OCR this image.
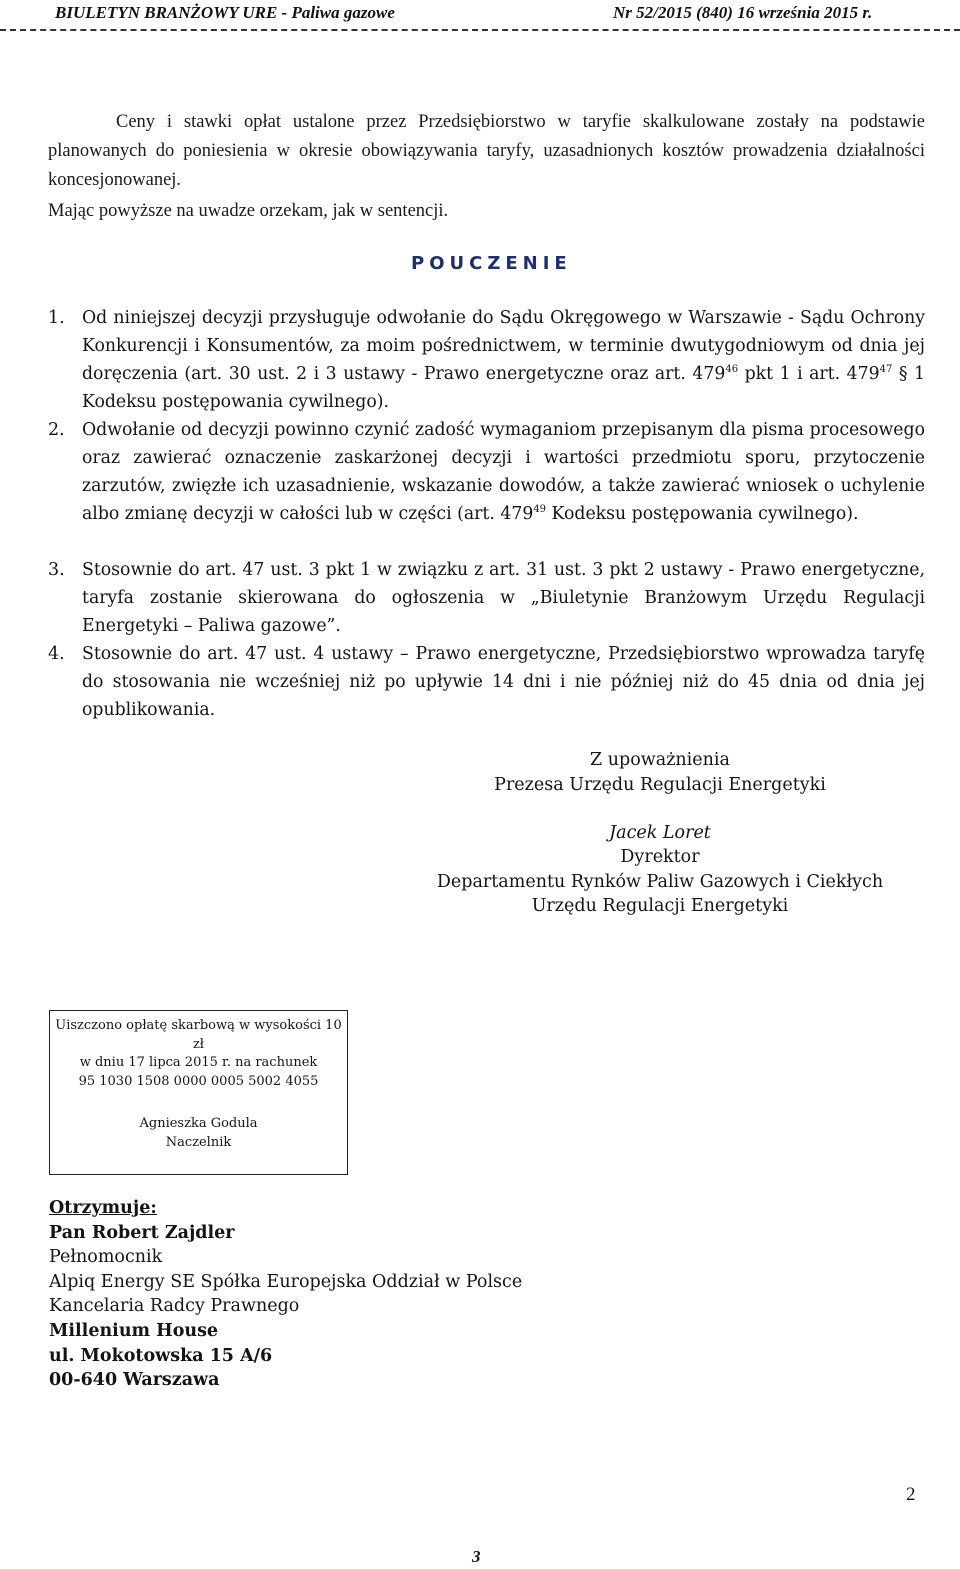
BIULETYN BRANŻOWY URE - Paliwa gazowe	Nr 52/2015 (840) 16 września 2015 r.
Ceny i stawki opłat ustalone przez Przedsiębiorstwo w taryfie skalkulowane zostały na podstawie planowanych do poniesienia w okresie obowiązywania taryfy, uzasadnionych kosztów prowadzenia działalności koncesjonowanej.
Mając powyższe na uwadze orzekam, jak w sentencji.
POUCZENIE
1. Od niniejszej decyzji przysługuje odwołanie do Sądu Okręgowego w Warszawie - Sądu Ochrony Konkurencji i Konsumentów, za moim pośrednictwem, w terminie dwutygodniowym od dnia jej doręczenia (art. 30 ust. 2 i 3 ustawy - Prawo energetyczne oraz art. $479^{46}$ pkt 1 i art. $479^{47}$ § 1 Kodeksu postępowania cywilnego).
2. Odwołanie od decyzji powinno czynić zadość wymaganiom przepisanym dla pisma procesowego oraz zawierać oznaczenie zaskarżonej decyzji i wartości przedmiotu sporu, przytoczenie zarzutów, zwięzłe ich uzasadnienie, wskazanie dowodów, a także zawierać wniosek o uchylenie albo zmianę decyzji w całości lub w części (art. $479^{49}$ Kodeksu postępowania cywilnego).
3. Stosownie do art. 47 ust. 3 pkt 1 w związku z art. 31 ust. 3 pkt 2 ustawy - Prawo energetyczne, taryfa zostanie skierowana do ogłoszenia w „Biuletynie Branżowym Urzędu Regulacji Energetyki – Paliwa gazowe”.
4. Stosownie do art. 47 ust. 4 ustawy – Prawo energetyczne, Przedsiębiorstwo wprowadza taryfę do stosowania nie wcześniej niż po upływie 14 dni i nie później niż do 45 dnia od dnia jej opublikowania.
Z upoważnienia
Prezesa Urzędu Regulacji Energetyki
Jacek Loret
Dyrektor
Departamentu Rynków Paliw Gazowych i Ciekłych
Urzędu Regulacji Energetyki
Uiszczono opłatę skarbową w wysokości 10 zł
w dniu 17 lipca 2015 r. na rachunek
95 1030 1508 0000 0005 5002 4055
Agnieszka Godula
Naczelnik
Otrzymuje:
Pan Robert Zajdler
Pełnomocnik
Alpiq Energy SE Spółka Europejska Oddział w Polsce
Kancelaria Radcy Prawnego
Millenium House
ul. Mokotowska 15 A/6
00-640 Warszawa
2
3
